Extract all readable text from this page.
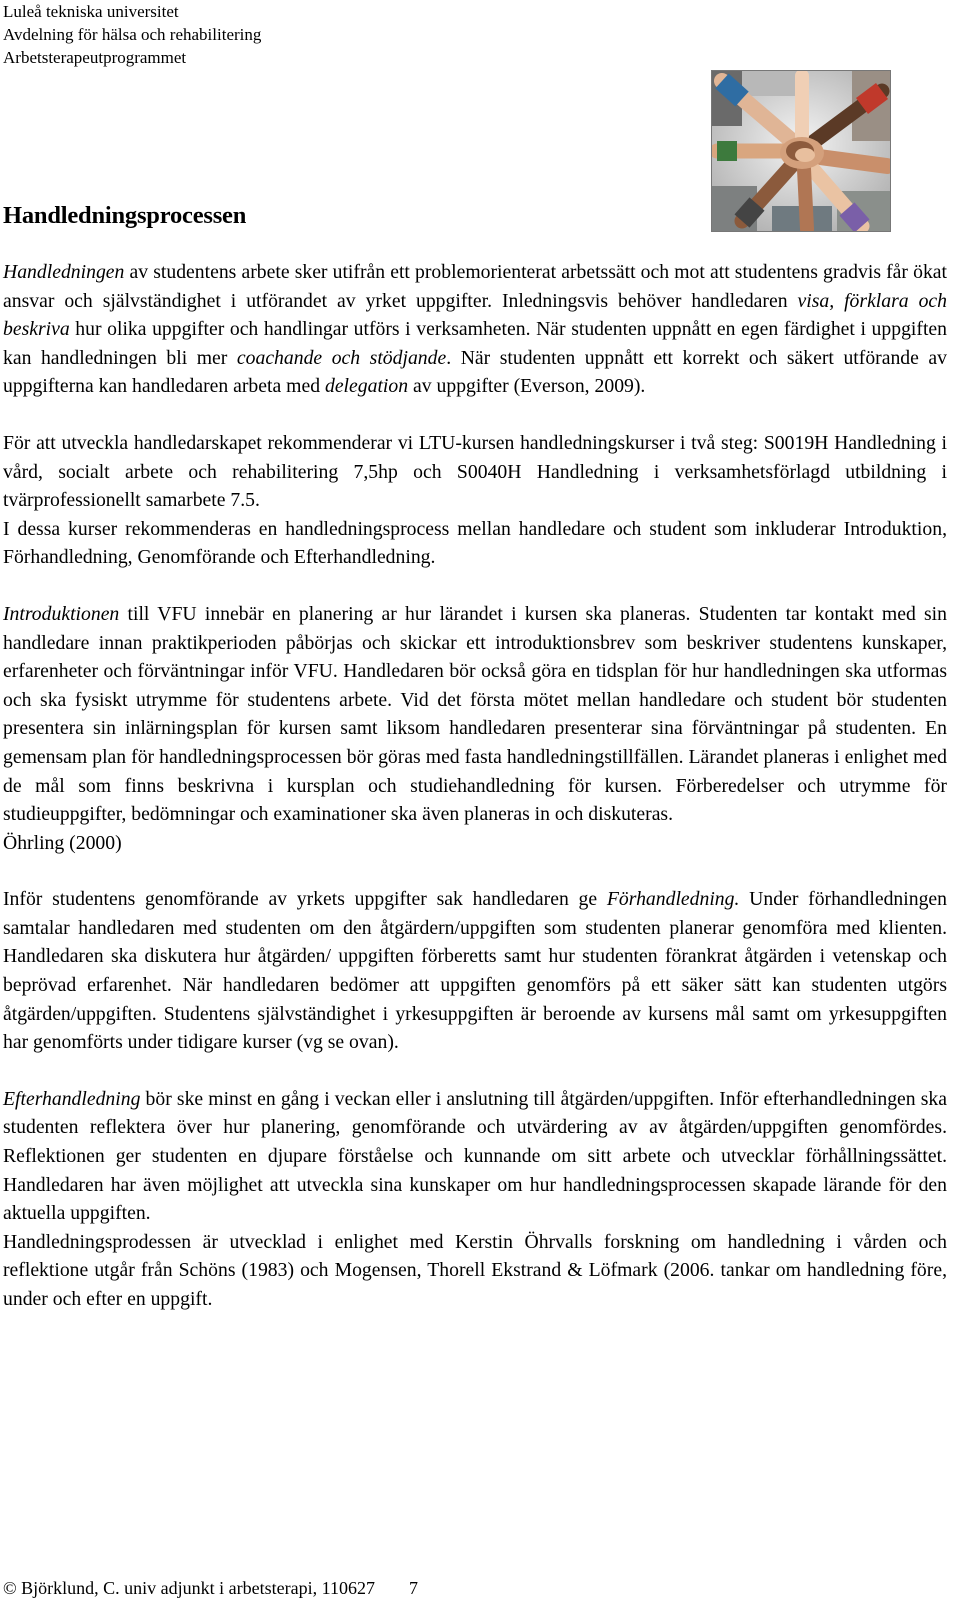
Luleå tekniska universitet
Avdelning för hälsa och rehabilitering
Arbetsterapeutprogrammet
Handledningsprocessen

Handledningen av studentens arbete sker utifrån ett problemorienterat arbetssätt och mot att studentens gradvis får ökat ansvar och självständighet i utförandet av yrket uppgifter. Inledningsvis behöver handledaren visa, förklara och beskriva hur olika uppgifter och handlingar utförs i verksamheten. När studenten uppnått en egen färdighet i uppgiften kan handledningen bli mer coachande och stödjande. När studenten uppnått ett korrekt och säkert utförande av uppgifterna kan handledaren arbeta med delegation av uppgifter (Everson, 2009).

För att utveckla handledarskapet rekommenderar vi LTU-kursen handledningskurser i två steg: S0019H Handledning i vård, socialt arbete och rehabilitering 7,5hp och S0040H Handledning i verksamhetsförlagd utbildning i tvärprofessionellt samarbete 7.5.

I dessa kurser rekommenderas en handledningsprocess mellan handledare och student som inkluderar Introduktion, Förhandledning, Genomförande och Efterhandledning.

Introduktionen till VFU innebär en planering ar hur lärandet i kursen ska planeras. Studenten tar kontakt med sin handledare innan praktikperioden påbörjas och skickar ett introduktionsbrev som beskriver studentens kunskaper, erfarenheter och förväntningar inför VFU. Handledaren bör också göra en tidsplan för hur handledningen ska utformas och ska fysiskt utrymme för studentens arbete. Vid det första mötet mellan handledare och student bör studenten presentera sin inlärningsplan för kursen samt liksom handledaren presenterar sina förväntningar på studenten. En gemensam plan för handledningsprocessen bör göras med fasta handledningstillfällen. Lärandet planeras i enlighet med de mål som finns beskrivna i kursplan och studiehandledning för kursen. Förberedelser och utrymme för studieuppgifter, bedömningar och examinationer ska även planeras in och diskuteras.

Öhrling (2000)

Inför studentens genomförande av yrkets uppgifter sak handledaren ge Förhandledning. Under förhandledningen samtalar handledaren med studenten om den åtgärdern/uppgiften som studenten planerar genomföra med klienten. Handledaren ska diskutera hur åtgärden/ uppgiften förberetts samt hur studenten förankrat åtgärden i vetenskap och beprövad erfarenhet. När handledaren bedömer att uppgiften genomförs på ett säker sätt kan studenten utgörs åtgärden/uppgiften. Studentens självständighet i yrkesuppgiften är beroende av kursens mål samt om yrkesuppgiften har genomförts under tidigare kurser (vg se ovan).

Efterhandledning bör ske minst en gång i veckan eller i anslutning till åtgärden/uppgiften. Inför efterhandledningen ska studenten reflektera över hur planering, genomförande och utvärdering av av åtgärden/uppgiften genomfördes. Reflektionen ger studenten en djupare förståelse och kunnande om sitt arbete och utvecklar förhållningssättet. Handledaren har även möjlighet att utveckla sina kunskaper om hur handledningsprocessen skapade lärande för den aktuella uppgiften.

Handledningsprodessen är utvecklad i enlighet med Kerstin Öhrvalls forskning om handledning i vården och reflektione utgår från Schöns (1983) och Mogensen, Thorell Ekstrand & Löfmark (2006. tankar om handledning före, under och efter en uppgift.

© Björklund, C. univ adjunkt i arbetsterapi, 110627 7
